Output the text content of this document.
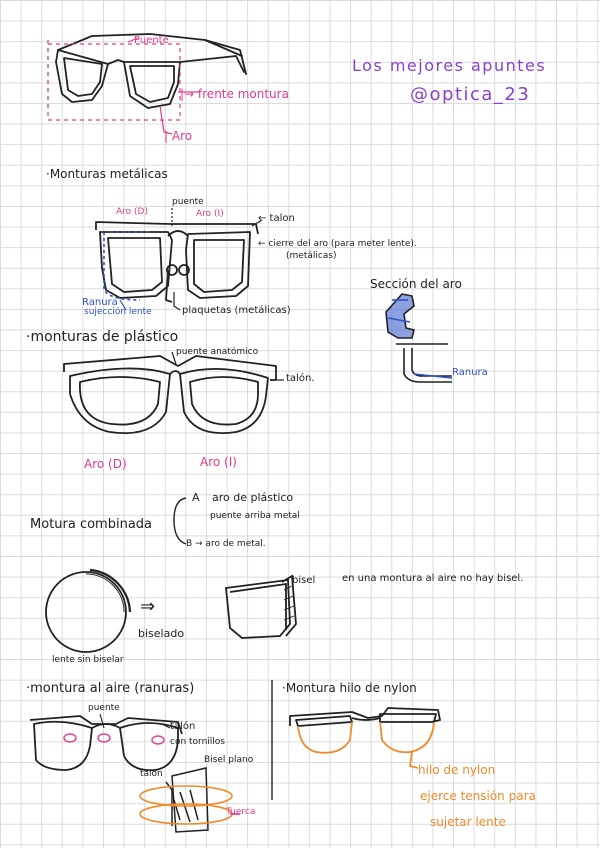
Los mejores apuntes
@optica_23
Puente
|→ frente montura
| Aro
·Monturas metálicas
puente
Aro (D)	Aro (I)	← talon
← cierre del aro (para meter lente).
(metálicas)
Ranura
sujección lente	plaquetas (metálicas)
Sección del aro
Ranura
·monturas de plástico
puente anatómico
talón.
Aro (D)	Aro (I)
Motura combinada
A aro de plástico
puente arriba metal
B → aro de metal.
bisel	en una montura al aire no hay bisel.
⇒
biselado
lente sin biselar
·montura al aire (ranuras)
puente
talón
con tornillos
Bisel plano
talón
Tuerca
·Montura hilo de nylon
hilo de nylon
ejerce tensión para
sujetar lente
